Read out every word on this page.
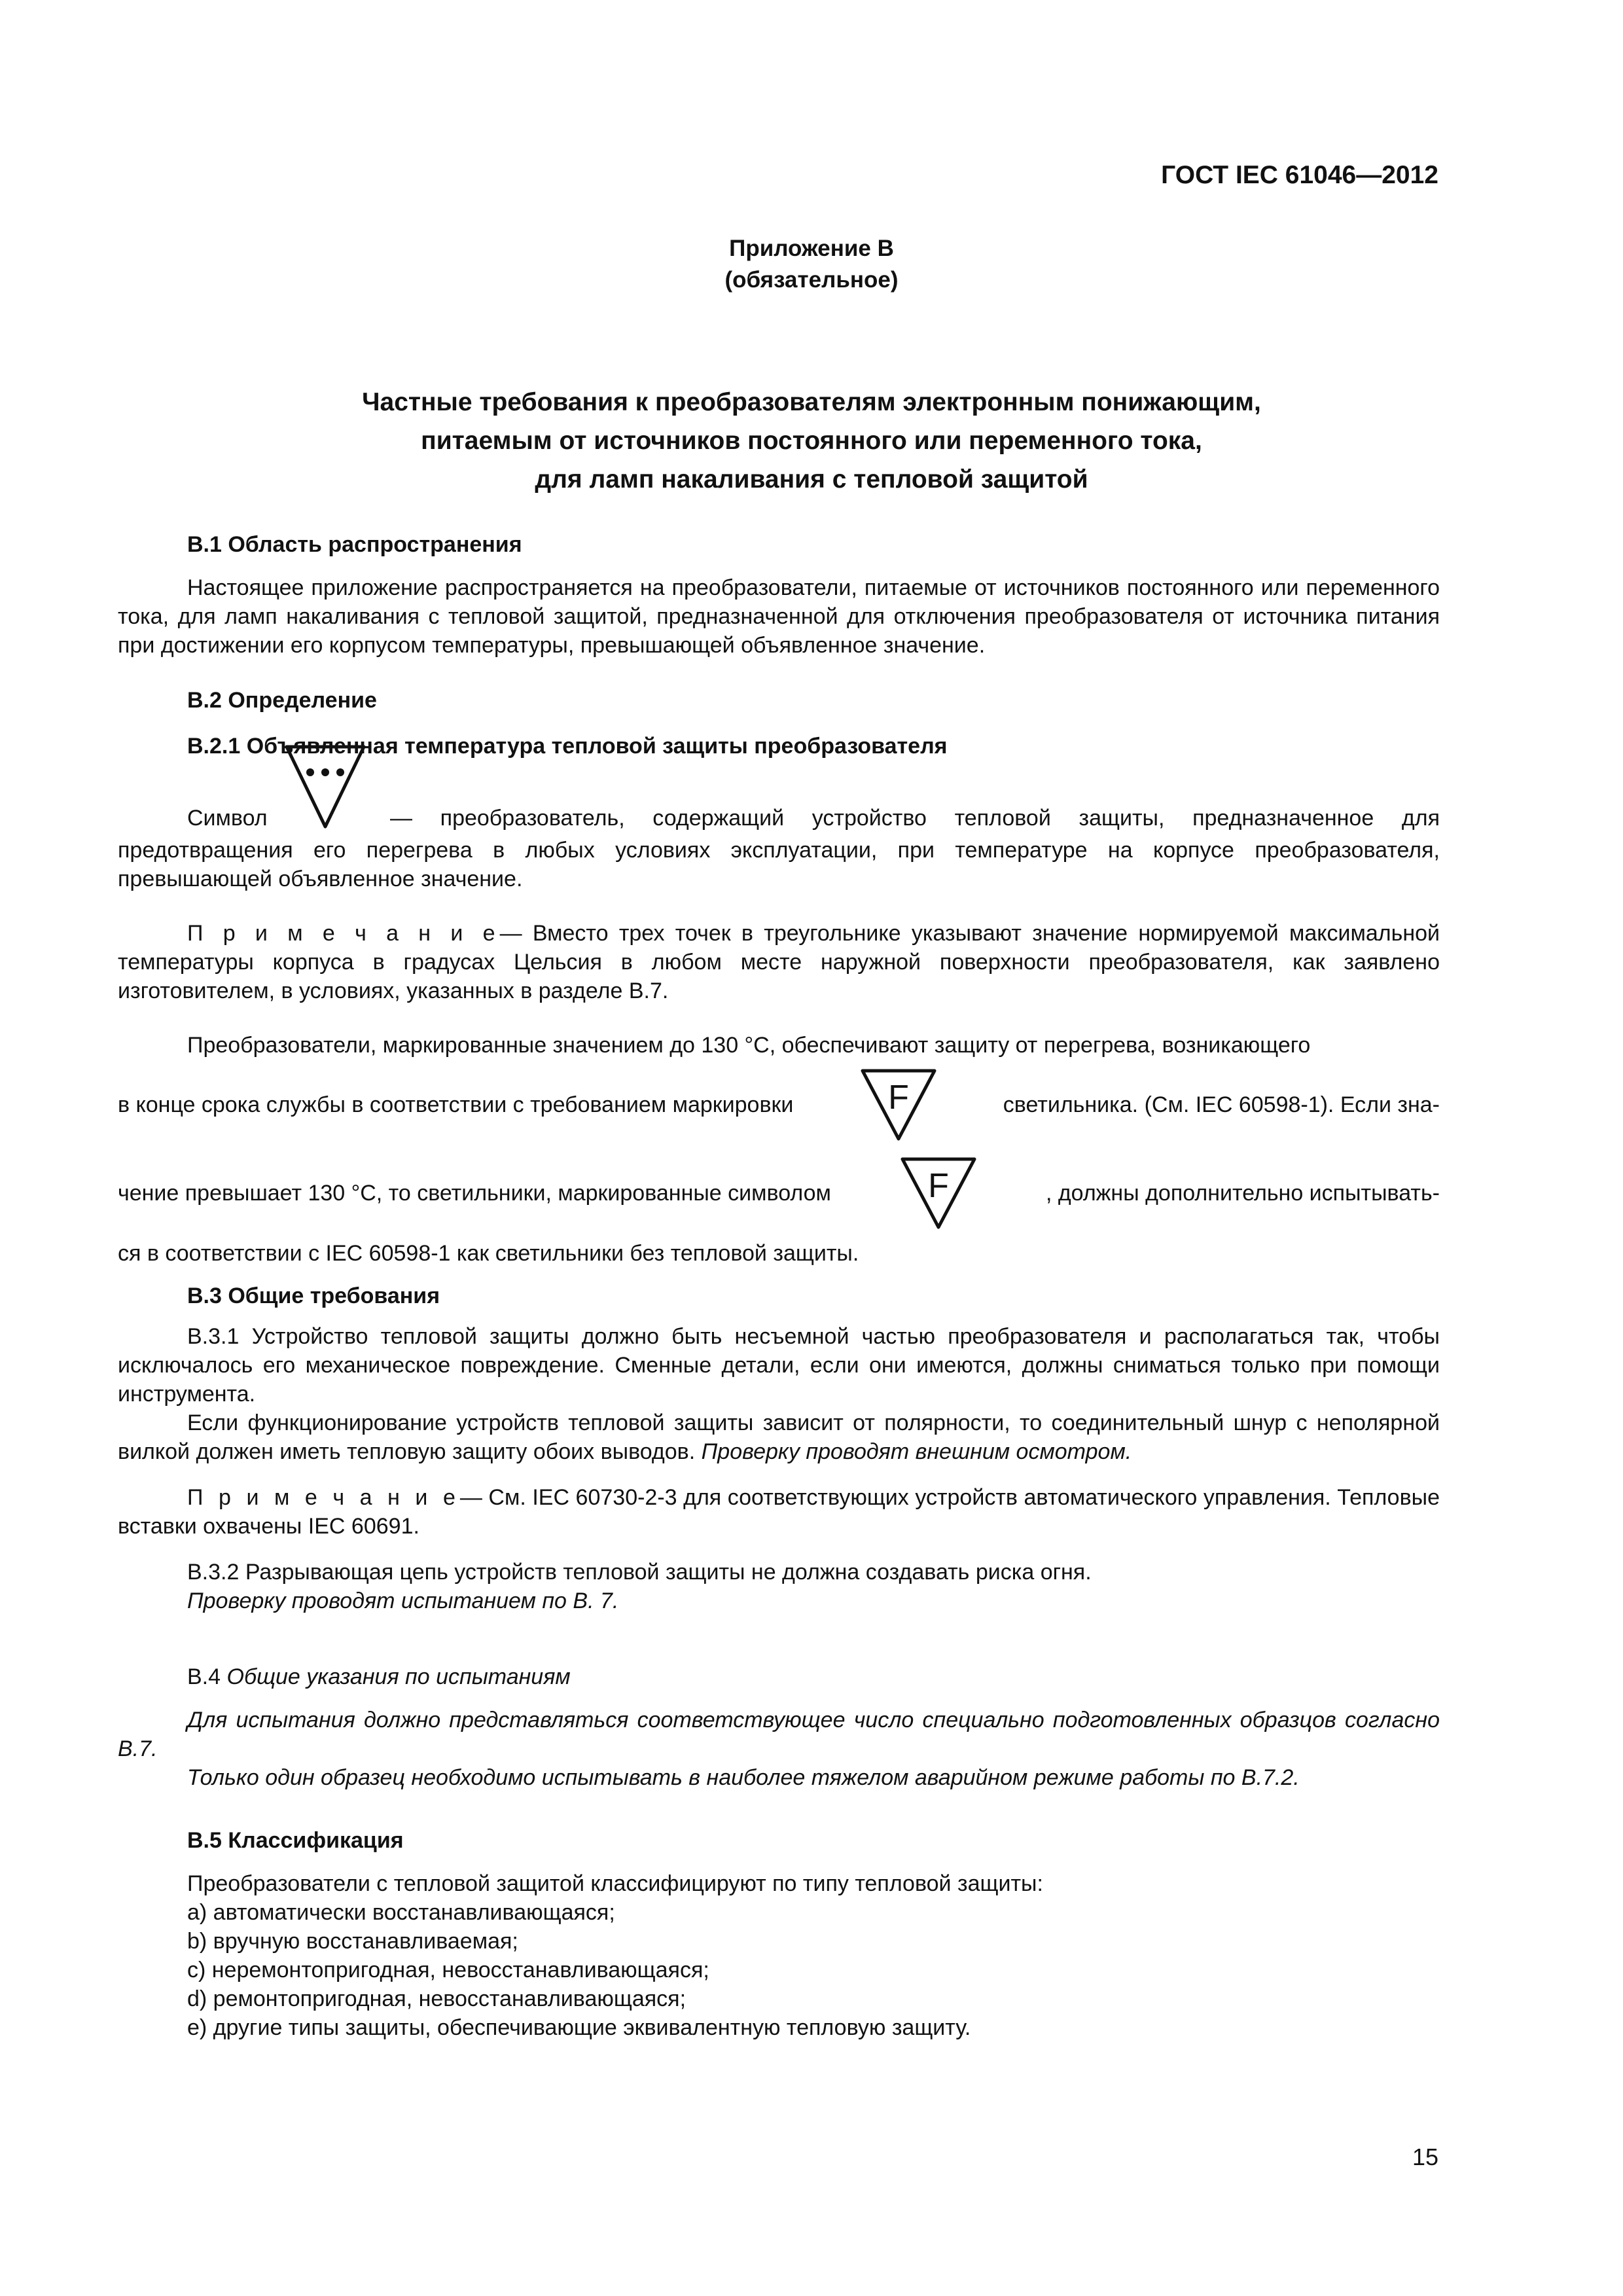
ГОСТ IEC 61046—2012
Приложение В
(обязательное)
Частные требования к преобразователям электронным понижающим,
питаемым от источников постоянного или переменного тока,
для ламп накаливания с тепловой защитой

В.1 Область распространения

Настоящее приложение распространяется на преобразователи, питаемые от источников постоянного или переменного тока, для ламп накаливания с тепловой защитой, предназначенной для отключения преобразователя от источника питания при достижении его корпусом температуры, превышающей объявленное значение.

В.2 Определение
В.2.1 Объявленная температура тепловой защиты преобразователя
Символ	— преобразователь, содержащий устройство тепловой защиты, предназначенное для
предотвращения его перегрева в любых условиях эксплуатации, при температуре на корпусе преобразователя, превышающей объявленное значение.

П р и м е ч а н и е— Вместо трех точек в треугольнике указывают значение нормируемой максимальной температуры корпуса в градусах Цельсия в любом месте наружной поверхности преобразователя, как заявлено изготовителем, в условиях, указанных в разделе В.7.

Преобразователи, маркированные значением до 130 °С, обеспечивают защиту от перегрева, возникающего
в конце срока службы в соответствии с требованием маркировки	F	светильника. (См. IEC 60598-1). Если зна-
чение превышает 130 °С, то светильники, маркированные символом	F	, должны дополнительно испытывать-
ся в соответствии с IEC 60598-1 как светильники без тепловой защиты.

В.3 Общие требования

В.3.1 Устройство тепловой защиты должно быть несъемной частью преобразователя и располагаться так, чтобы исключалось его механическое повреждение. Сменные детали, если они имеются, должны сниматься только при помощи инструмента.

Если функционирование устройств тепловой защиты зависит от полярности, то соединительный шнур с неполярной вилкой должен иметь тепловую защиту обоих выводов. Проверку проводят внешним осмотром.

П р и м е ч а н и е— См. IEC 60730-2-3 для соответствующих устройств автоматического управления. Тепловые вставки охвачены IEC 60691.

В.3.2 Разрывающая цепь устройств тепловой защиты не должна создавать риска огня.

Проверку проводят испытанием по В. 7.

В.4 Общие указания по испытаниям

Для испытания должно представляться соответствующее число специально подготовленных образцов согласно В.7.

Только один образец необходимо испытывать в наиболее тяжелом аварийном режиме работы по В.7.2.

В.5 Классификация

Преобразователи с тепловой защитой классифицируют по типу тепловой защиты:

a) автоматически восстанавливающаяся;

b) вручную восстанавливаемая;

c) неремонтопригодная, невосстанавливающаяся;

d) ремонтопригодная, невосстанавливающаяся;

e) другие типы защиты, обеспечивающие эквивалентную тепловую защиту.

15
